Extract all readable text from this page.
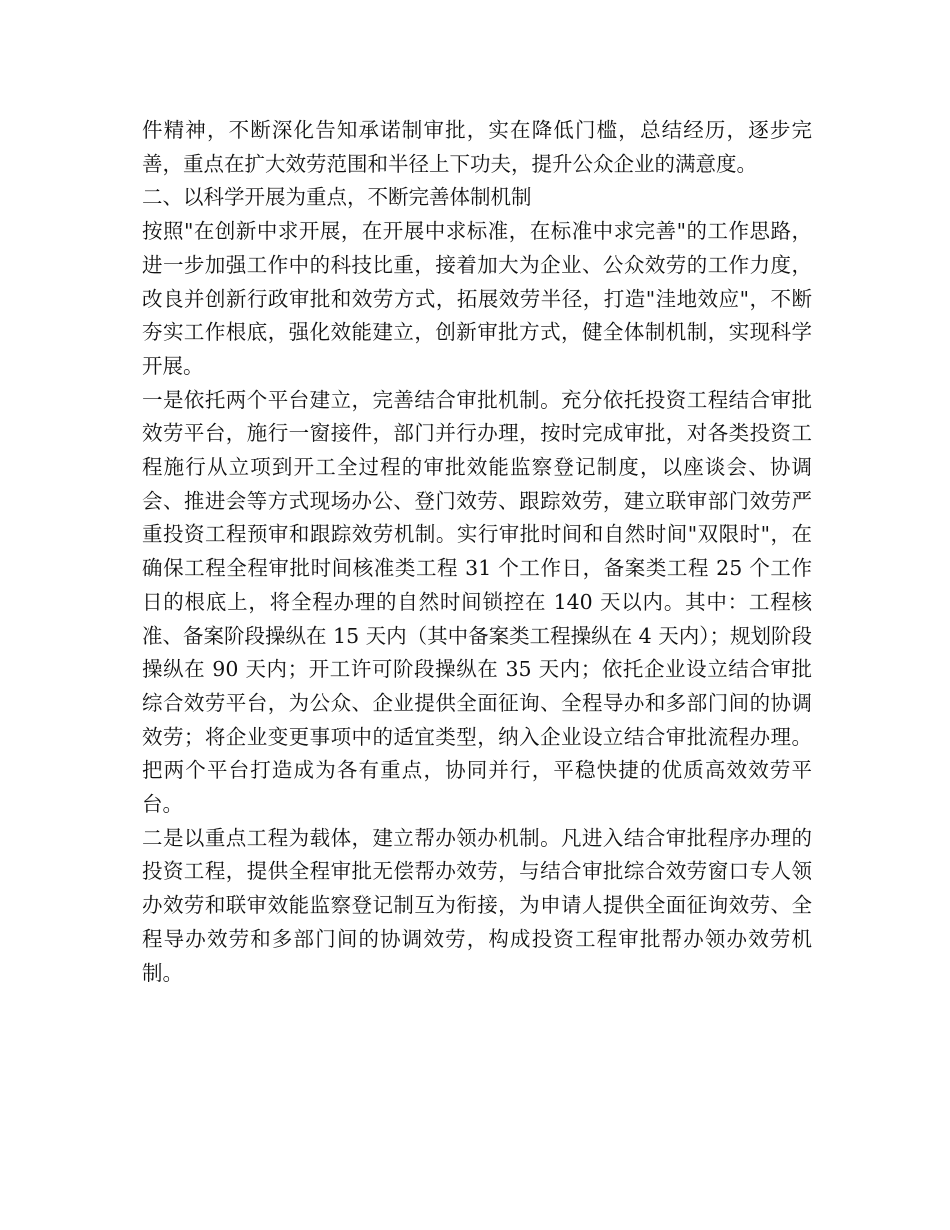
件精神，不断深化告知承诺制审批，实在降低门槛，总结经历，逐步完善，重点在扩大效劳范围和半径上下功夫，提升公众企业的满意度。

二、以科学开展为重点，不断完善体制机制

按照"在创新中求开展，在开展中求标准，在标准中求完善"的工作思路，进一步加强工作中的科技比重，接着加大为企业、公众效劳的工作力度，改良并创新行政审批和效劳方式，拓展效劳半径，打造"洼地效应"，不断夯实工作根底，强化效能建立，创新审批方式，健全体制机制，实现科学开展。

一是依托两个平台建立，完善结合审批机制。充分依托投资工程结合审批效劳平台，施行一窗接件，部门并行办理，按时完成审批，对各类投资工程施行从立项到开工全过程的审批效能监察登记制度，以座谈会、协调会、推进会等方式现场办公、登门效劳、跟踪效劳，建立联审部门效劳严重投资工程预审和跟踪效劳机制。实行审批时间和自然时间"双限时"，在确保工程全程审批时间核准类工程 31 个工作日，备案类工程 25 个工作日的根底上，将全程办理的自然时间锁控在 140 天以内。其中：工程核准、备案阶段操纵在 15 天内（其中备案类工程操纵在 4 天内）；规划阶段操纵在 90 天内；开工许可阶段操纵在 35 天内；依托企业设立结合审批综合效劳平台，为公众、企业提供全面征询、全程导办和多部门间的协调效劳；将企业变更事项中的适宜类型，纳入企业设立结合审批流程办理。把两个平台打造成为各有重点，协同并行，平稳快捷的优质高效效劳平台。

二是以重点工程为载体，建立帮办领办机制。凡进入结合审批程序办理的投资工程，提供全程审批无偿帮办效劳，与结合审批综合效劳窗口专人领办效劳和联审效能监察登记制互为衔接，为申请人提供全面征询效劳、全程导办效劳和多部门间的协调效劳，构成投资工程审批帮办领办效劳机制。
